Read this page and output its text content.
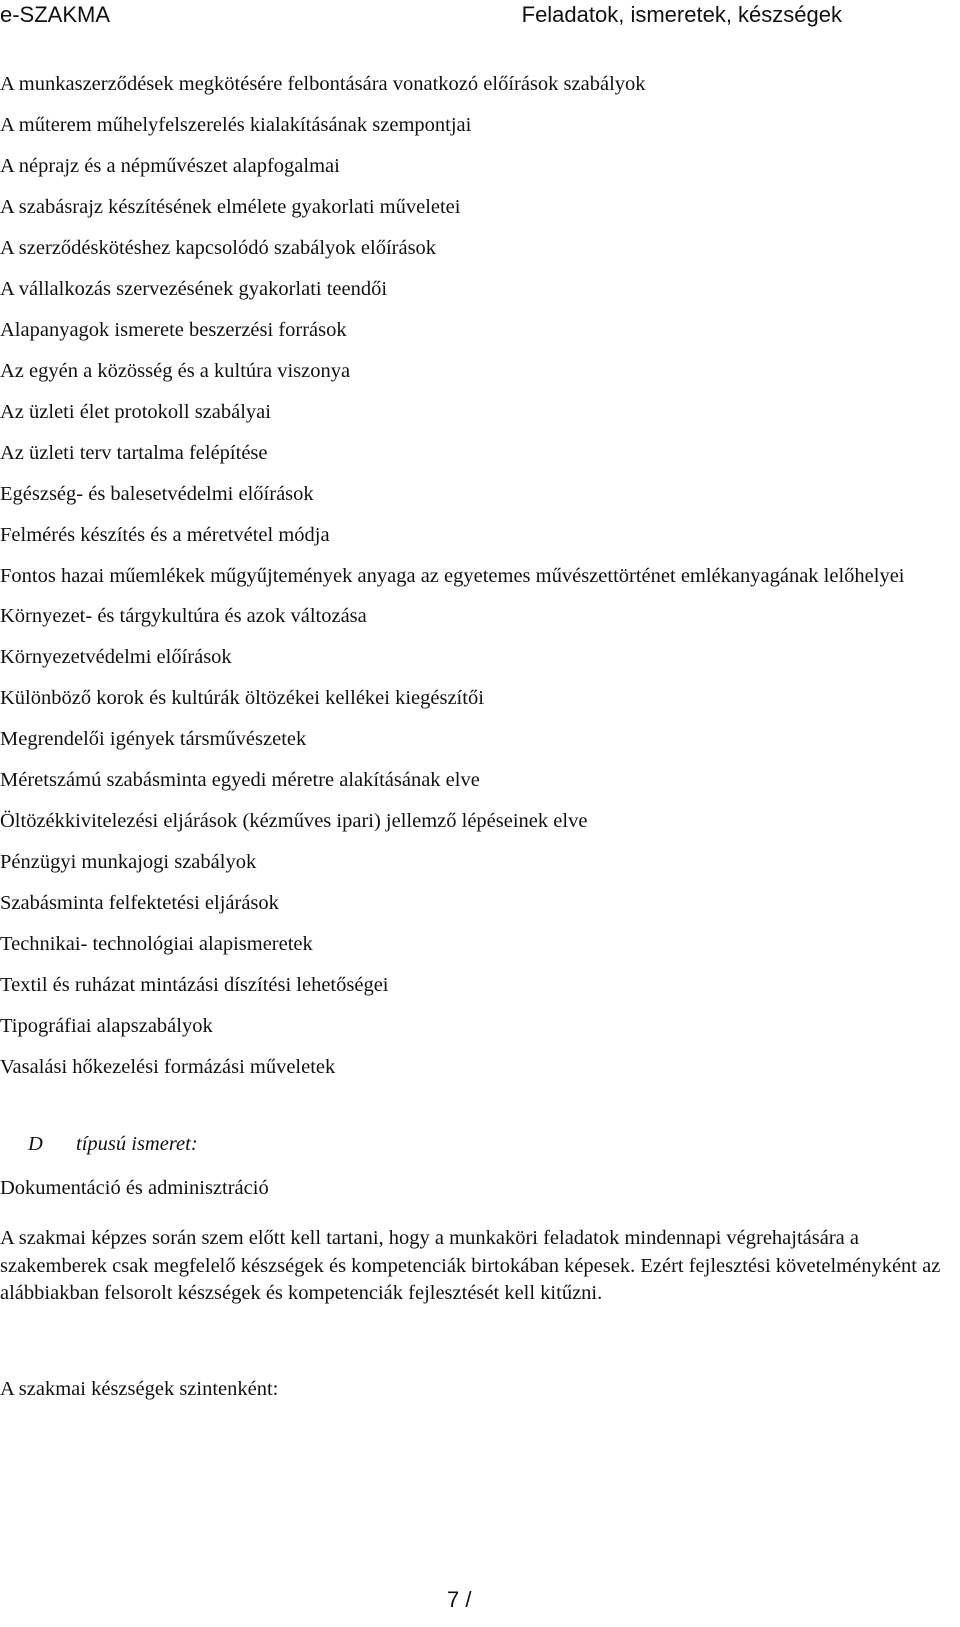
e-SZAKMA	Feladatok, ismeretek, készségek
A munkaszerződések megkötésére felbontására vonatkozó előírások szabályok
A műterem műhelyfelszerelés kialakításának szempontjai
A néprajz és a népművészet alapfogalmai
A szabásrajz készítésének elmélete gyakorlati műveletei
A szerződéskötéshez kapcsolódó szabályok előírások
A vállalkozás szervezésének gyakorlati teendői
Alapanyagok ismerete beszerzési források
Az egyén a közösség és a kultúra viszonya
Az üzleti élet protokoll szabályai
Az üzleti terv tartalma felépítése
Egészség- és balesetvédelmi előírások
Felmérés készítés és a méretvétel módja
Fontos hazai műemlékek műgyűjtemények anyaga az egyetemes művészettörténet emlékanyagának lelőhelyei
Környezet- és tárgykultúra és azok változása
Környezetvédelmi előírások
Különböző korok és kultúrák öltözékei kellékei kiegészítői
Megrendelői igények társművészetek
Méretszámú szabásminta egyedi méretre alakításának elve
Öltözékkivitelezési eljárások (kézműves ipari) jellemző lépéseinek elve
Pénzügyi munkajogi szabályok
Szabásminta felfektetési eljárások
Technikai- technológiai alapismeretek
Textil és ruházat mintázási díszítési lehetőségei
Tipográfiai alapszabályok
Vasalási hőkezelési formázási műveletek
D típusú ismeret:
Dokumentáció és adminisztráció

A szakmai képzes során szem előtt kell tartani, hogy a munkaköri feladatok mindennapi végrehajtására a szakemberek csak megfelelő készségek és kompetenciák birtokában képesek. Ezért fejlesztési követelményként az alábbiakban felsorolt készségek és kompetenciák fejlesztését kell kitűzni.

A szakmai készségek szintenként:
7 /
